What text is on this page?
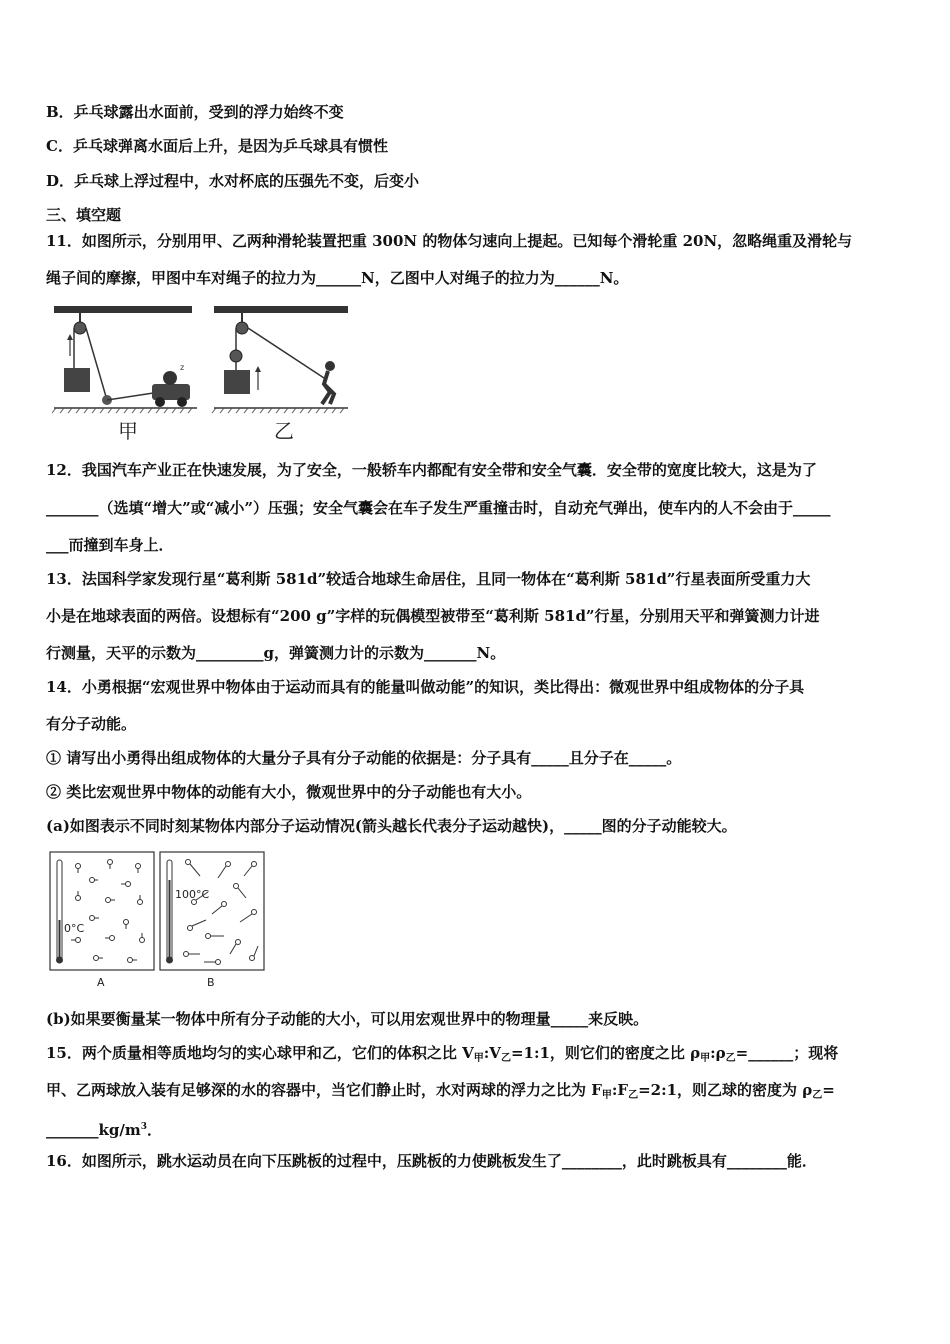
B．乒乓球露出水面前，受到的浮力始终不变
C．乒乓球弹离水面后上升，是因为乒乓球具有惯性
D．乒乓球上浮过程中，水对杯底的压强先不变，后变小
三、填空题
11．如图所示，分别用甲、乙两种滑轮装置把重 300N 的物体匀速向上提起。已知每个滑轮重 20N，忽略绳重及滑轮与
绳子间的摩擦，甲图中车对绳子的拉力为______N，乙图中人对绳子的拉力为______N。
z
甲	乙
12．我国汽车产业正在快速发展，为了安全，一般轿车内都配有安全带和安全气囊．安全带的宽度比较大，这是为了
_______（选填“增大”或“减小”）压强；安全气囊会在车子发生严重撞击时，自动充气弹出，使车内的人不会由于_____
___而撞到车身上．
13．法国科学家发现行星“葛利斯 581d”较适合地球生命居住，且同一物体在“葛利斯 581d”行星表面所受重力大
小是在地球表面的两倍。设想标有“200 g”字样的玩偶模型被带至“葛利斯 581d”行星，分别用天平和弹簧测力计进
行测量，天平的示数为_________g，弹簧测力计的示数为_______N。
14．小勇根据“宏观世界中物体由于运动而具有的能量叫做动能”的知识，类比得出：微观世界中组成物体的分子具
有分子动能。
① 请写出小勇得出组成物体的大量分子具有分子动能的依据是：分子具有_____且分子在_____。
② 类比宏观世界中物体的动能有大小，微观世界中的分子动能也有大小。
(a)如图表示不同时刻某物体内部分子运动情况(箭头越长代表分子运动越快)，_____图的分子动能较大。
0°C
A
100°C
B
(b)如果要衡量某一物体中所有分子动能的大小，可以用宏观世界中的物理量_____来反映。
15．两个质量相等质地均匀的实心球甲和乙，它们的体积之比 $V_甲:V_乙=1:1$，则它们的密度之比 $\rho_甲:\rho_乙=\_\_\_\_\_\_$；现将
甲、乙两球放入装有足够深的水的容器中，当它们静止时，水对两球的浮力之比为 $F_甲:F_乙=2:1$，则乙球的密度为 $\rho_乙=$
$\_\_\_\_\_\_\_kg/m^3$．
16．如图所示，跳水运动员在向下压跳板的过程中，压跳板的力使跳板发生了________，此时跳板具有________能．
